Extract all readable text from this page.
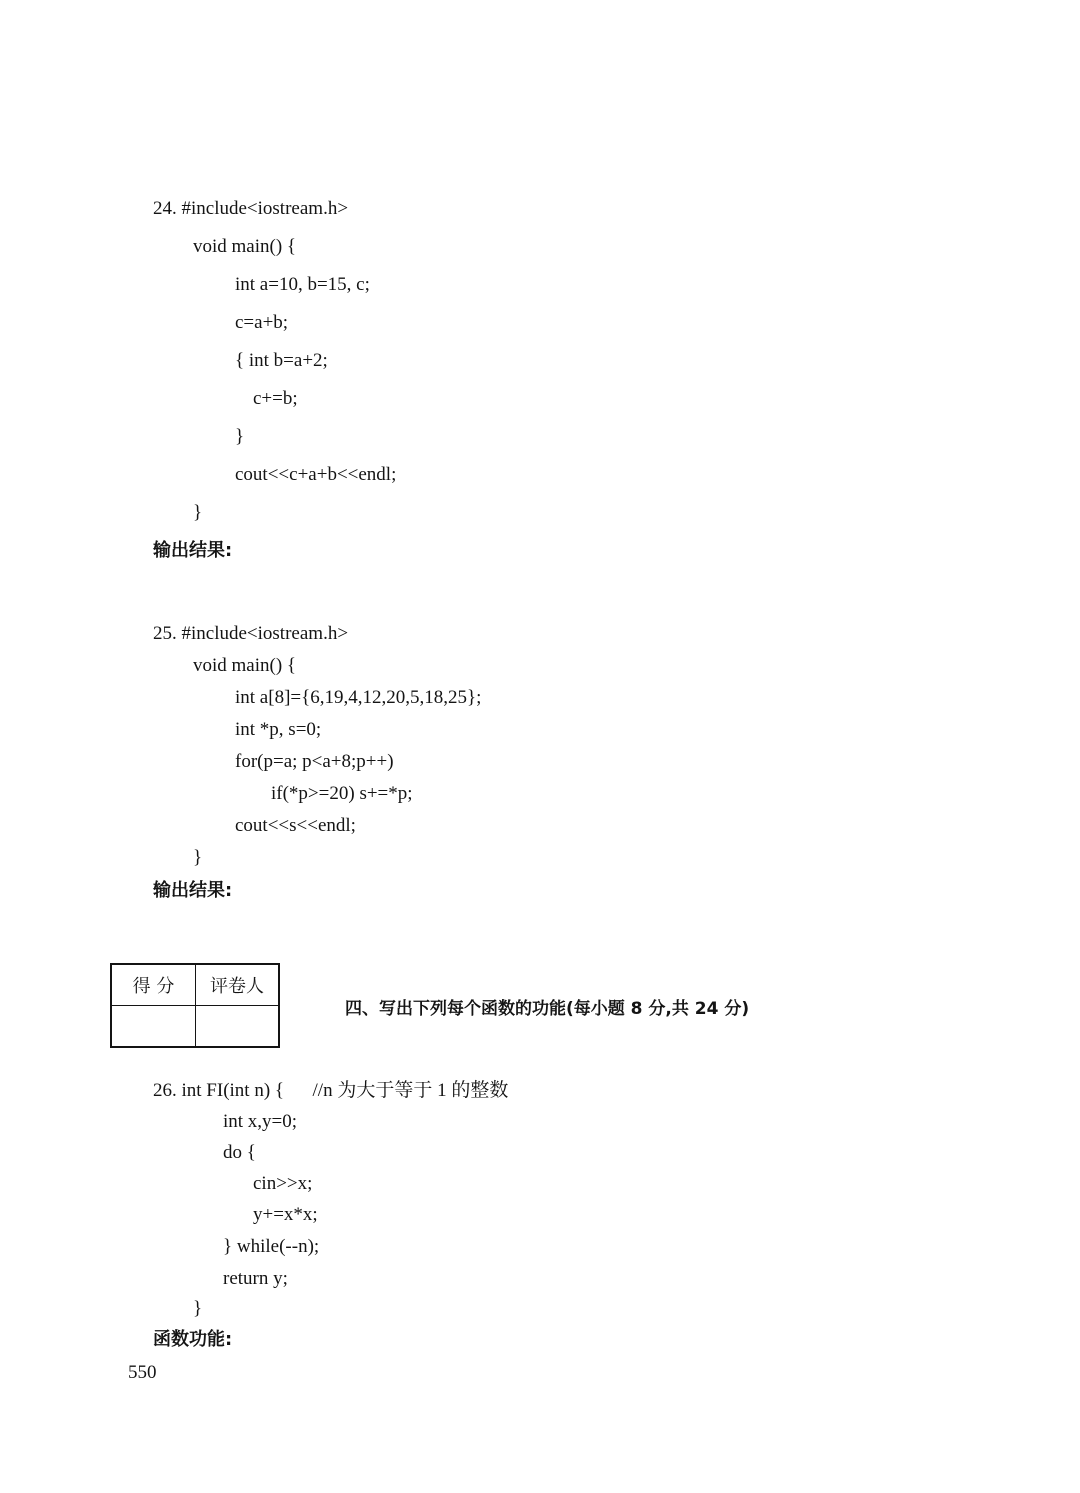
24. #include<iostream.h>
void main() {
int a=10, b=15, c;
c=a+b;
{ int b=a+2;
c+=b;
}
cout<<c+a+b<<endl;
}
输出结果:
25. #include<iostream.h>
void main() {
int a[8]={6,19,4,12,20,5,18,25};
int *p, s=0;
for(p=a; p<a+8;p++)
if(*p>=20) s+=*p;
cout<<s<<endl;
}
输出结果:
得 分	评卷人

四、写出下列每个函数的功能(每小题 8 分,共 24 分)
26. int FI(int n) {      //n 为大于等于 1 的整数
int x,y=0;
do {
cin>>x;
y+=x*x;
} while(--n);
return y;
}
函数功能:
550
